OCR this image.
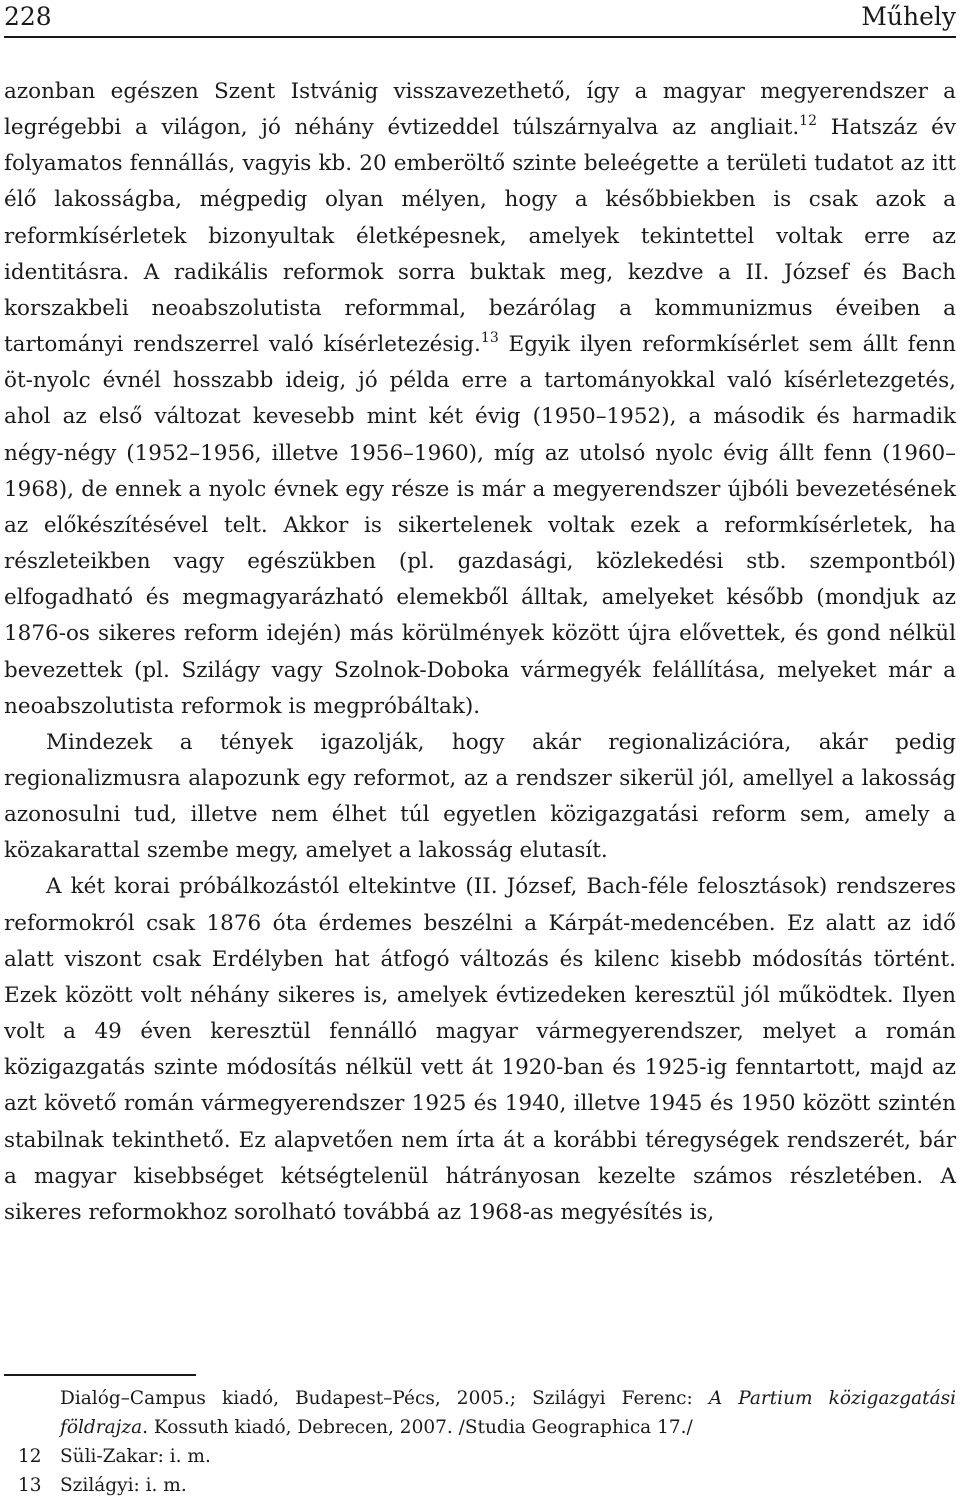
228	Műhely

azonban egészen Szent Istvánig visszavezethető, így a magyar megyerendszer a legrégebbi a világon, jó néhány évtizeddel túlszárnyalva az angliait.$^{12}$ Hatszáz év folyamatos fennállás, vagyis kb. 20 emberöltő szinte beleégette a területi tudatot az itt élő lakosságba, mégpedig olyan mélyen, hogy a későbbiekben is csak azok a reformkísérletek bizonyultak életképesnek, amelyek tekintettel voltak erre az identitásra. A radikális reformok sorra buktak meg, kezdve a II. József és Bach korszakbeli neoabszolutista reformmal, bezárólag a kommunizmus éveiben a tartományi rendszerrel való kísérletezésig.$^{13}$ Egyik ilyen reformkísérlet sem állt fenn öt-nyolc évnél hosszabb ideig, jó példa erre a tartományokkal való kísérletezgetés, ahol az első változat kevesebb mint két évig (1950–1952), a második és harmadik négy-négy (1952–1956, illetve 1956–1960), míg az utolsó nyolc évig állt fenn (1960–1968), de ennek a nyolc évnek egy része is már a megyerendszer újbóli bevezetésének az előkészítésével telt. Akkor is sikertelenek voltak ezek a reformkísérletek, ha részleteikben vagy egészükben (pl. gazdasági, közlekedési stb. szempontból) elfogadható és megmagyarázható elemekből álltak, amelyeket később (mondjuk az 1876-os sikeres reform idején) más körülmények között újra elővettek, és gond nélkül bevezettek (pl. Szilágy vagy Szolnok-Doboka vármegyék felállítása, melyeket már a neoabszolutista reformok is megpróbáltak).

Mindezek a tények igazolják, hogy akár regionalizációra, akár pedig regionalizmusra alapozunk egy reformot, az a rendszer sikerül jól, amellyel a lakosság azonosulni tud, illetve nem élhet túl egyetlen közigazgatási reform sem, amely a közakarattal szembe megy, amelyet a lakosság elutasít.

A két korai próbálkozástól eltekintve (II. József, Bach-féle felosztások) rendszeres reformokról csak 1876 óta érdemes beszélni a Kárpát-medencében. Ez alatt az idő alatt viszont csak Erdélyben hat átfogó változás és kilenc kisebb módosítás történt. Ezek között volt néhány sikeres is, amelyek évtizedeken keresztül jól működtek. Ilyen volt a 49 éven keresztül fennálló magyar vármegyerendszer, melyet a román közigazgatás szinte módosítás nélkül vett át 1920-ban és 1925-ig fenntartott, majd az azt követő román vármegyerendszer 1925 és 1940, illetve 1945 és 1950 között szintén stabilnak tekinthető. Ez alapvetően nem írta át a korábbi téregységek rendszerét, bár a magyar kisebbséget kétségtelenül hátrányosan kezelte számos részletében. A sikeres reformokhoz sorolható továbbá az 1968-as megyésítés is,

Dialóg–Campus kiadó, Budapest–Pécs, 2005.; Szilágyi Ferenc: A Partium közigazgatási földrajza. Kossuth kiadó, Debrecen, 2007. /Studia Geographica 17./
12 Süli-Zakar: i. m.
13 Szilágyi: i. m.
